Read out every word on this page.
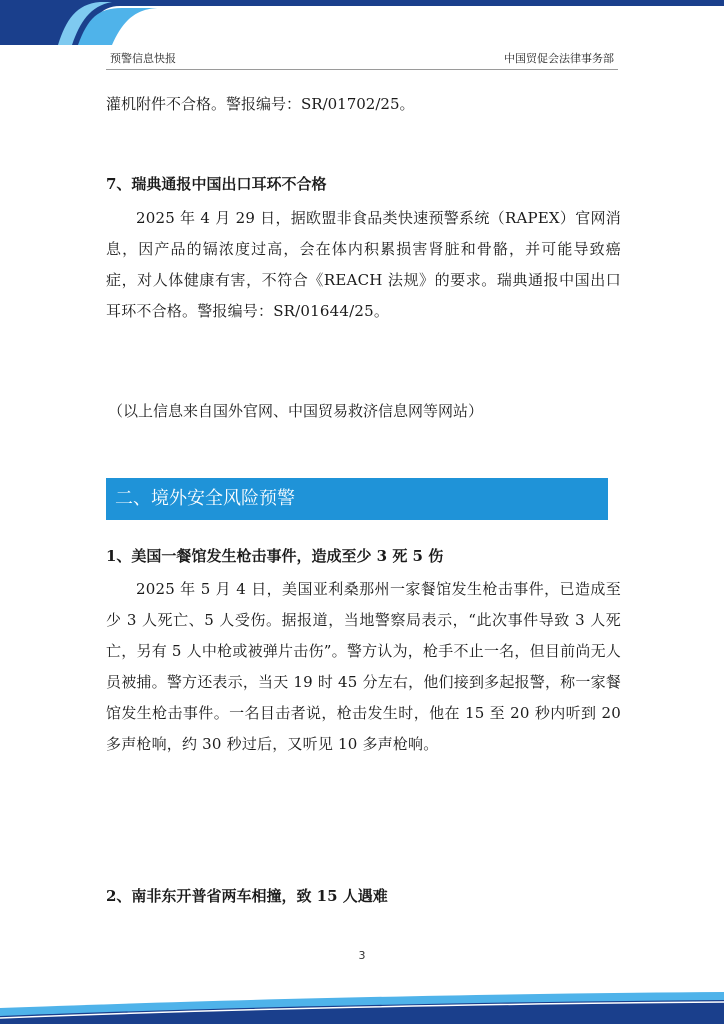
预警信息快报	中国贸促会法律事务部
灌机附件不合格。警报编号：SR/01702/25。
7、瑞典通报中国出口耳环不合格

2025 年 4 月 29 日，据欧盟非食品类快速预警系统（RAPEX）官网消息，因产品的镉浓度过高，会在体内积累损害肾脏和骨骼，并可能导致癌症，对人体健康有害，不符合《REACH 法规》的要求。瑞典通报中国出口耳环不合格。警报编号：SR/01644/25。

（以上信息来自国外官网、中国贸易救济信息网等网站）
二、境外安全风险预警
1、美国一餐馆发生枪击事件，造成至少 3 死 5 伤

2025 年 5 月 4 日，美国亚利桑那州一家餐馆发生枪击事件，已造成至少 3 人死亡、5 人受伤。据报道，当地警察局表示，“此次事件导致 3 人死亡，另有 5 人中枪或被弹片击伤”。警方认为，枪手不止一名，但目前尚无人员被捕。警方还表示，当天 19 时 45 分左右，他们接到多起报警，称一家餐馆发生枪击事件。一名目击者说，枪击发生时，他在 15 至 20 秒内听到 20 多声枪响，约 30 秒过后，又听见 10 多声枪响。

2、南非东开普省两车相撞，致 15 人遇难
3
